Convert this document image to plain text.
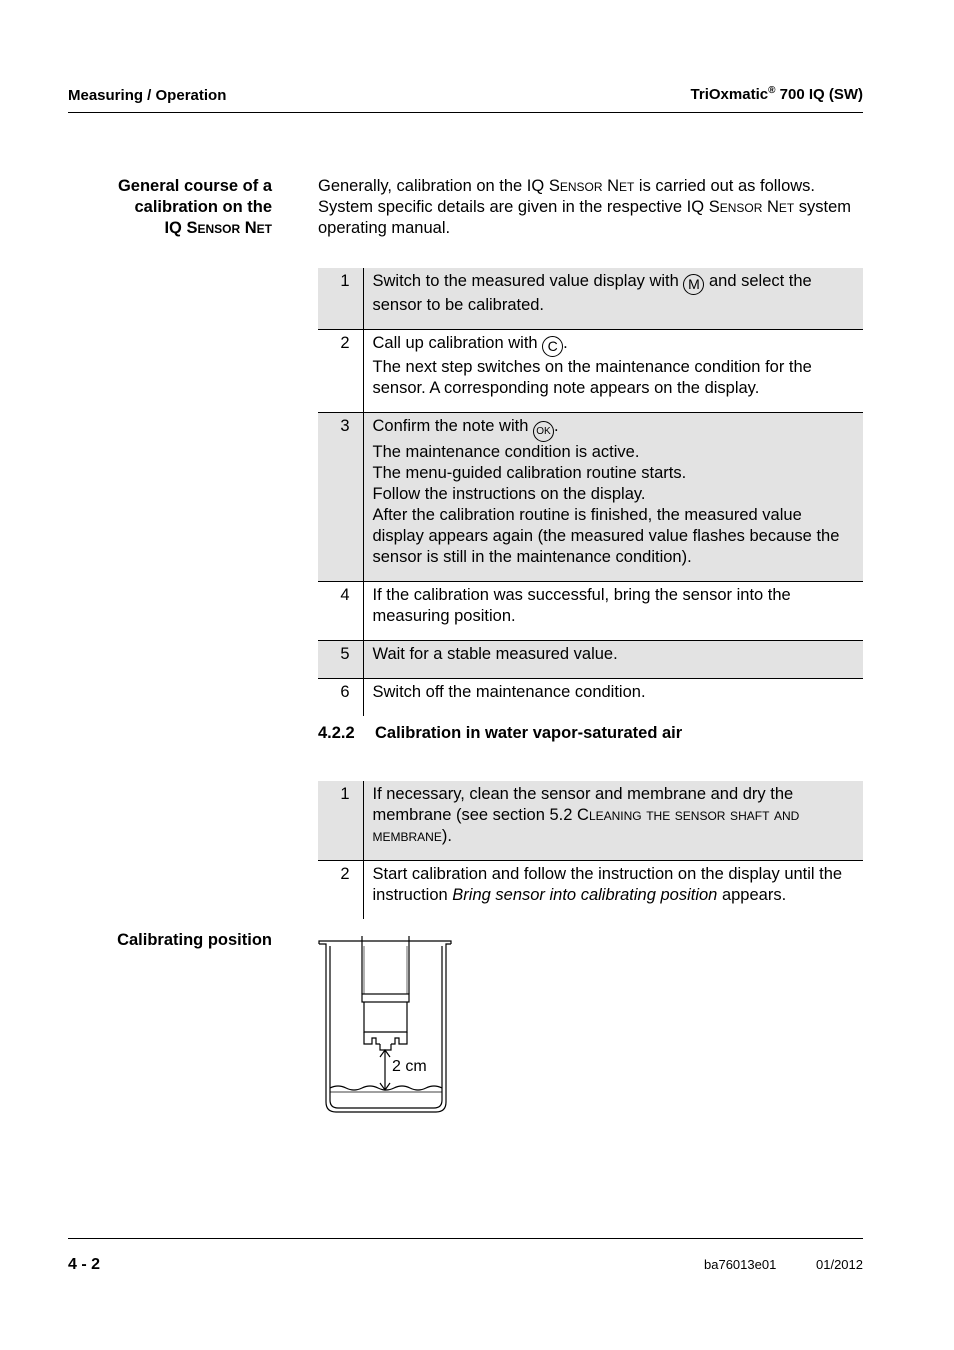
Measuring / Operation	TriOxmatic® 700 IQ (SW)
General course of a
calibration on the
IQ Sensor Net
Generally, calibration on the IQ Sensor Net is carried out as follows. System specific details are given in the respective IQ Sensor Net system operating manual.
1	Switch to the measured value display with M and select the sensor to be calibrated.
2	Call up calibration with C .
The next step switches on the maintenance condition for the sensor. A corresponding note appears on the display.

3	Confirm the note with OK .
The maintenance condition is active.
The menu-guided calibration routine starts.
Follow the instructions on the display.
After the calibration routine is finished, the measured value display appears again (the measured value flashes because the sensor is still in the maintenance condition).

4	If the calibration was successful, bring the sensor into the measuring position.
5	Wait for a stable measured value.
6	Switch off the maintenance condition.
4.2.2 Calibration in water vapor-saturated air
1	If necessary, clean the sensor and membrane and dry the membrane (see section 5.2 Cleaning the sensor shaft and membrane).
2	Start calibration and follow the instruction on the display until the instruction Bring sensor into calibrating position appears.
Calibrating position
2 cm
4 - 2	ba76013e01	01/2012
